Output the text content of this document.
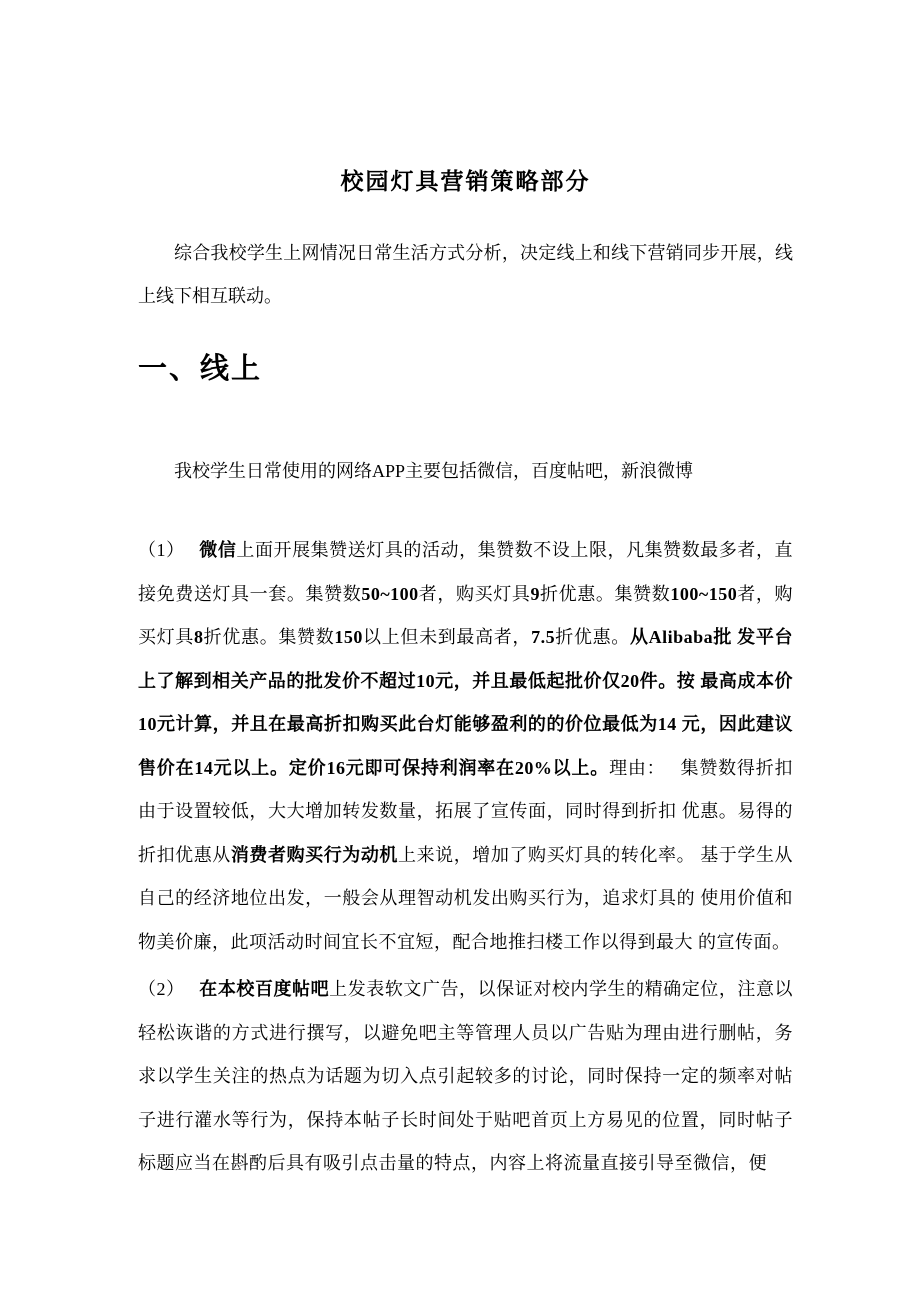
校园灯具营销策略部分

综合我校学生上网情况日常生活方式分析，决定线上和线下营销同步开展，线上线下相互联动。

一、线上

我校学生日常使用的网络APP主要包括微信，百度帖吧，新浪微博

（1）　 微信上面开展集赞送灯具的活动，集赞数不设上限，凡集赞数最多者，直 接免费送灯具一套。集赞数50~100者，购买灯具9折优惠。集赞数100~150者，购买灯具8折优惠。集赞数150以上但未到最高者，7.5折优惠。从Alibaba批 发平台上了解到相关产品的批发价不超过10元，并且最低起批价仅20件。按 最高成本价10元计算，并且在最高折扣购买此台灯能够盈利的的价位最低为14 元，因此建议售价在14元以上。定价16元即可保持利润率在20%以上。理由：　 集赞数得折扣由于设置较低，大大增加转发数量，拓展了宣传面，同时得到折扣 优惠。易得的折扣优惠从消费者购买行为动机上来说，增加了购买灯具的转化率。 基于学生从自己的经济地位出发，一般会从理智动机发出购买行为，追求灯具的 使用价值和物美价廉，此项活动时间宜长不宜短，配合地推扫楼工作以得到最大 的宣传面。

（2）　 在本校百度帖吧上发表软文广告，以保证对校内学生的精确定位，注意以 轻松诙谐的方式进行撰写，以避免吧主等管理人员以广告贴为理由进行删帖，务 求以学生关注的热点为话题为切入点引起较多的讨论，同时保持一定的频率对帖 子进行灌水等行为，保持本帖子长时间处于贴吧首页上方易见的位置，同时帖子 标题应当在斟酌后具有吸引点击量的特点，内容上将流量直接引导至微信，便
